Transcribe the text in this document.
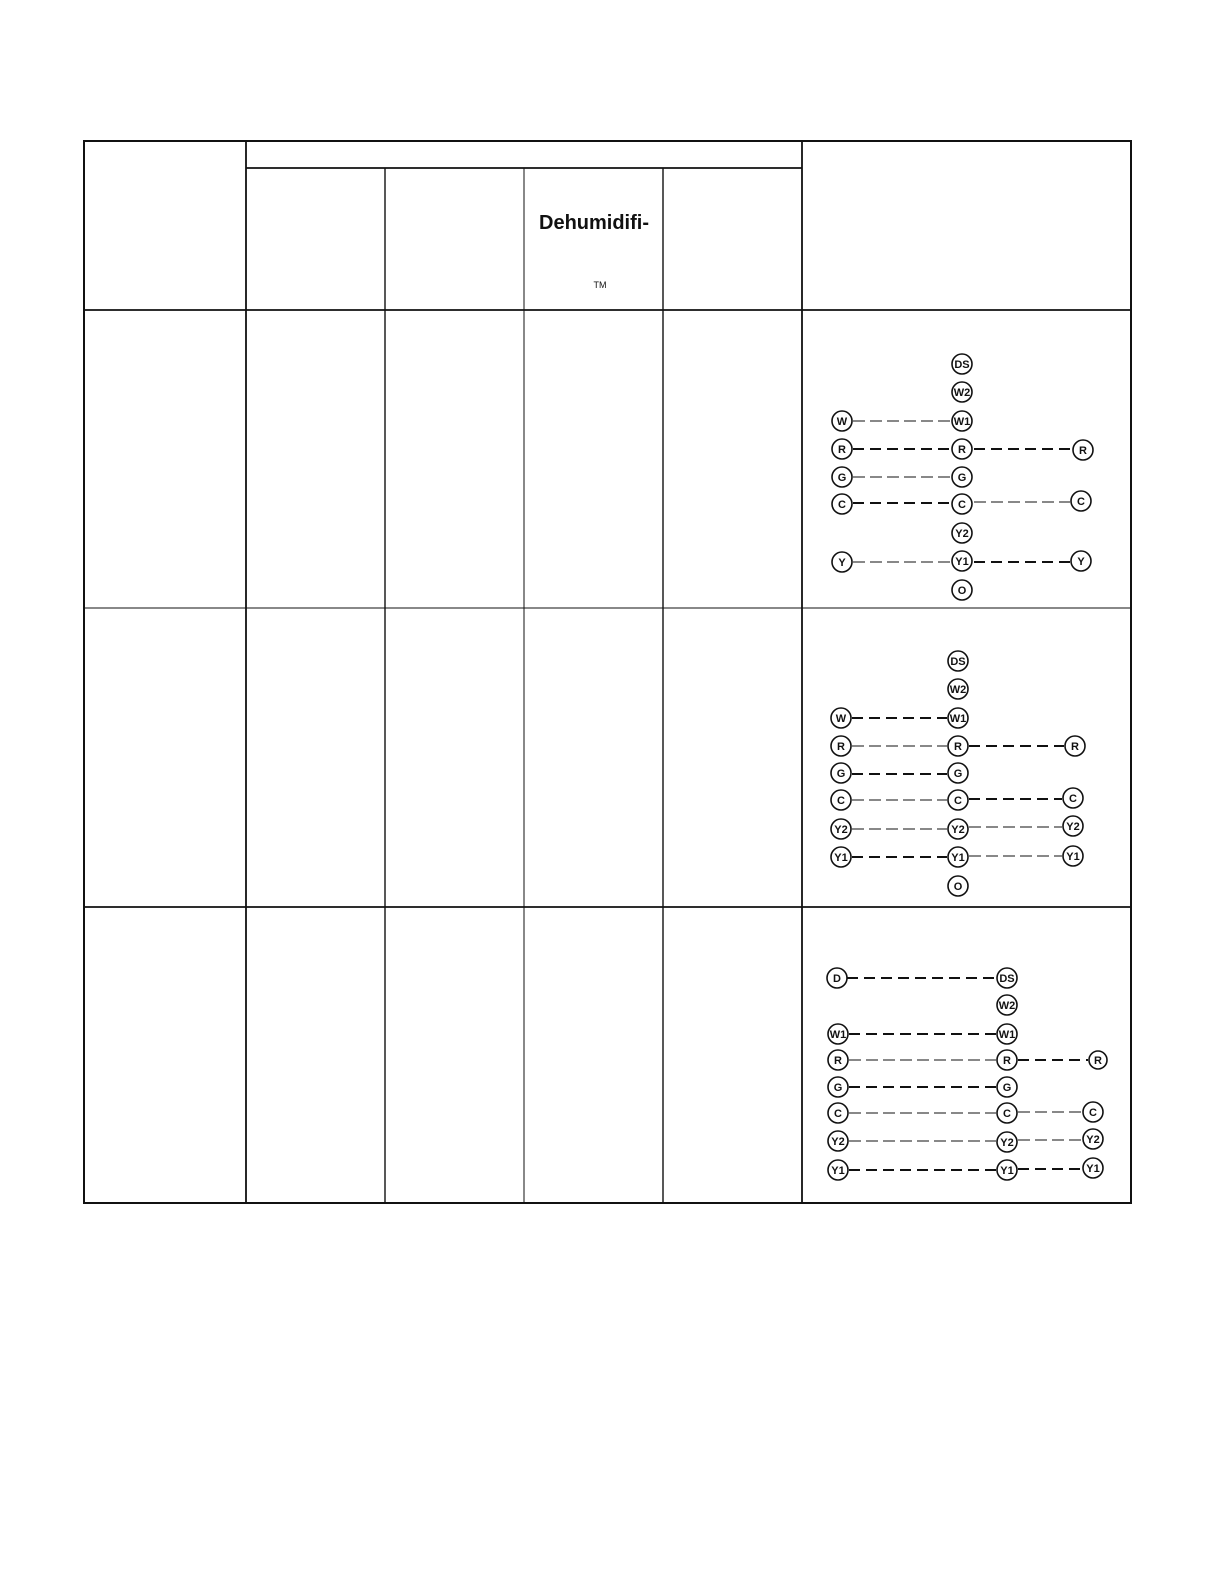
Dehumidifi-
TM
DS
W2
W1
R
G
C
Y2
Y1
O
W
R
G
C
Y
R
C
Y
DS
W2
W1
R
G
C
Y2
Y1
O
W
R
G
C
Y2
Y1
R
C
Y2
Y1
DS
W2
W1
R
G
C
Y2
Y1
D
W1
R
G
C
Y2
Y1
R
C
Y2
Y1
